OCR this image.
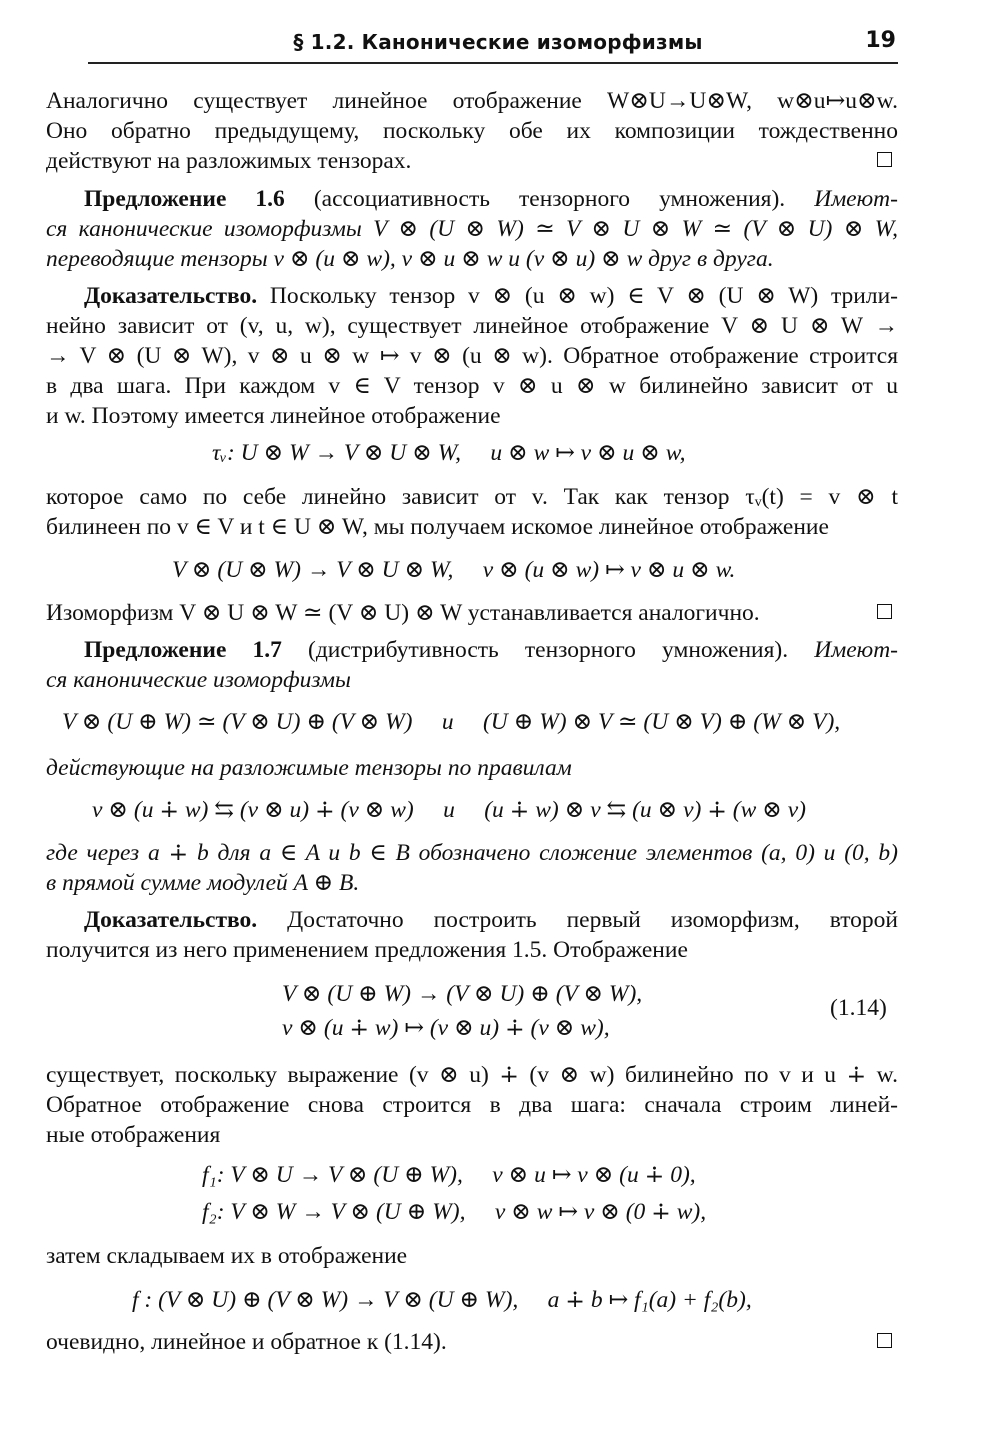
§ 1.2. Канонические изоморфизмы	19
Аналогично существует линейное отображение W⊗U→U⊗W, w⊗u↦u⊗w.
Оно обратно предыдущему, поскольку обе их композиции тождественно
действуют на разложимых тензорах.
Предложение 1.6 (ассоциативность тензорного умножения). Имеют-
ся канонические изоморфизмы V ⊗ (U ⊗ W) ≃ V ⊗ U ⊗ W ≃ (V ⊗ U) ⊗ W,
переводящие тензоры v ⊗ (u ⊗ w), v ⊗ u ⊗ w и (v ⊗ u) ⊗ w друг в друга.
Доказательство. Поскольку тензор v ⊗ (u ⊗ w) ∈ V ⊗ (U ⊗ W) трили-
нейно зависит от (v, u, w), существует линейное отображение V ⊗ U ⊗ W →
→ V ⊗ (U ⊗ W), v ⊗ u ⊗ w ↦ v ⊗ (u ⊗ w). Обратное отображение строится
в два шага. При каждом v ∈ V тензор v ⊗ u ⊗ w билинейно зависит от u
и w. Поэтому имеется линейное отображение
τᵥ: U ⊗ W → V ⊗ U ⊗ W,     u ⊗ w ↦ v ⊗ u ⊗ w,
которое само по себе линейно зависит от v. Так как тензор τᵥ(t) = v ⊗ t
билинеен по v ∈ V и t ∈ U ⊗ W, мы получаем искомое линейное отображение
V ⊗ (U ⊗ W) → V ⊗ U ⊗ W,     v ⊗ (u ⊗ w) ↦ v ⊗ u ⊗ w.
Изоморфизм V ⊗ U ⊗ W ≃ (V ⊗ U) ⊗ W устанавливается аналогично.
Предложение 1.7 (дистрибутивность тензорного умножения). Имеют-
ся канонические изоморфизмы
V ⊗ (U ⊕ W) ≃ (V ⊗ U) ⊕ (V ⊗ W)     и     (U ⊕ W) ⊗ V ≃ (U ⊗ V) ⊕ (W ⊗ V),
действующие на разложимые тензоры по правилам
v ⊗ (u ∔ w) ⇆ (v ⊗ u) ∔ (v ⊗ w)     и     (u ∔ w) ⊗ v ⇆ (u ⊗ v) ∔ (w ⊗ v)
где через a ∔ b для a ∈ A и b ∈ B обозначено сложение элементов (a, 0) и (0, b)
в прямой сумме модулей A ⊕ B.
Доказательство. Достаточно построить первый изоморфизм, второй
получится из него применением предложения 1.5. Отображение
V ⊗ (U ⊕ W) → (V ⊗ U) ⊕ (V ⊗ W),
v ⊗ (u ∔ w) ↦ (v ⊗ u) ∔ (v ⊗ w),
(1.14)
существует, поскольку выражение (v ⊗ u) ∔ (v ⊗ w) билинейно по v и u ∔ w.
Обратное отображение снова строится в два шага: сначала строим линей-
ные отображения
f₁: V ⊗ U → V ⊗ (U ⊕ W),     v ⊗ u ↦ v ⊗ (u ∔ 0),
f₂: V ⊗ W → V ⊗ (U ⊕ W),     v ⊗ w ↦ v ⊗ (0 ∔ w),
затем складываем их в отображение
f : (V ⊗ U) ⊕ (V ⊗ W) → V ⊗ (U ⊕ W),     a ∔ b ↦ f₁(a) + f₂(b),
очевидно, линейное и обратное к (1.14).
